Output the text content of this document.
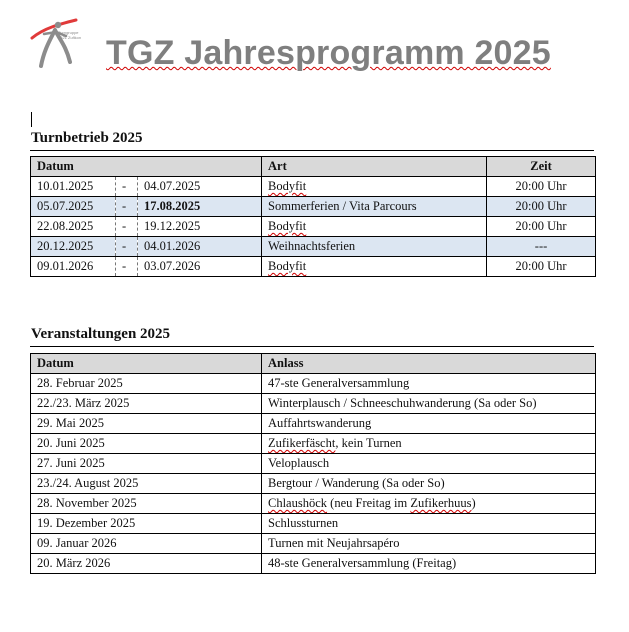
Turngruppe 5621 Zufikon TGZ Jahresprogramm 2025
Turnbetrieb 2025
Datum			Art	Zeit
10.01.2025	-	04.07.2025	Bodyfit	20:00 Uhr
05.07.2025	-	17.08.2025	Sommerferien / Vita Parcours	20:00 Uhr
22.08.2025	-	19.12.2025	Bodyfit	20:00 Uhr
20.12.2025	-	04.01.2026	Weihnachtsferien	---
09.01.2026	-	03.07.2026	Bodyfit	20:00 Uhr
Veranstaltungen 2025
Datum	Anlass
28. Februar 2025	47-ste Generalversammlung
22./23. März 2025	Winterplausch / Schneeschuhwanderung (Sa oder So)
29. Mai 2025	Auffahrtswanderung
20. Juni 2025	Zufikerfäscht, kein Turnen
27. Juni 2025	Veloplausch
23./24. August 2025	Bergtour / Wanderung (Sa oder So)
28. November 2025	Chlaushöck (neu Freitag im Zufikerhuus)
19. Dezember 2025	Schlussturnen
09. Januar 2026	Turnen mit Neujahrsapéro
20. März 2026	48-ste Generalversammlung (Freitag)
